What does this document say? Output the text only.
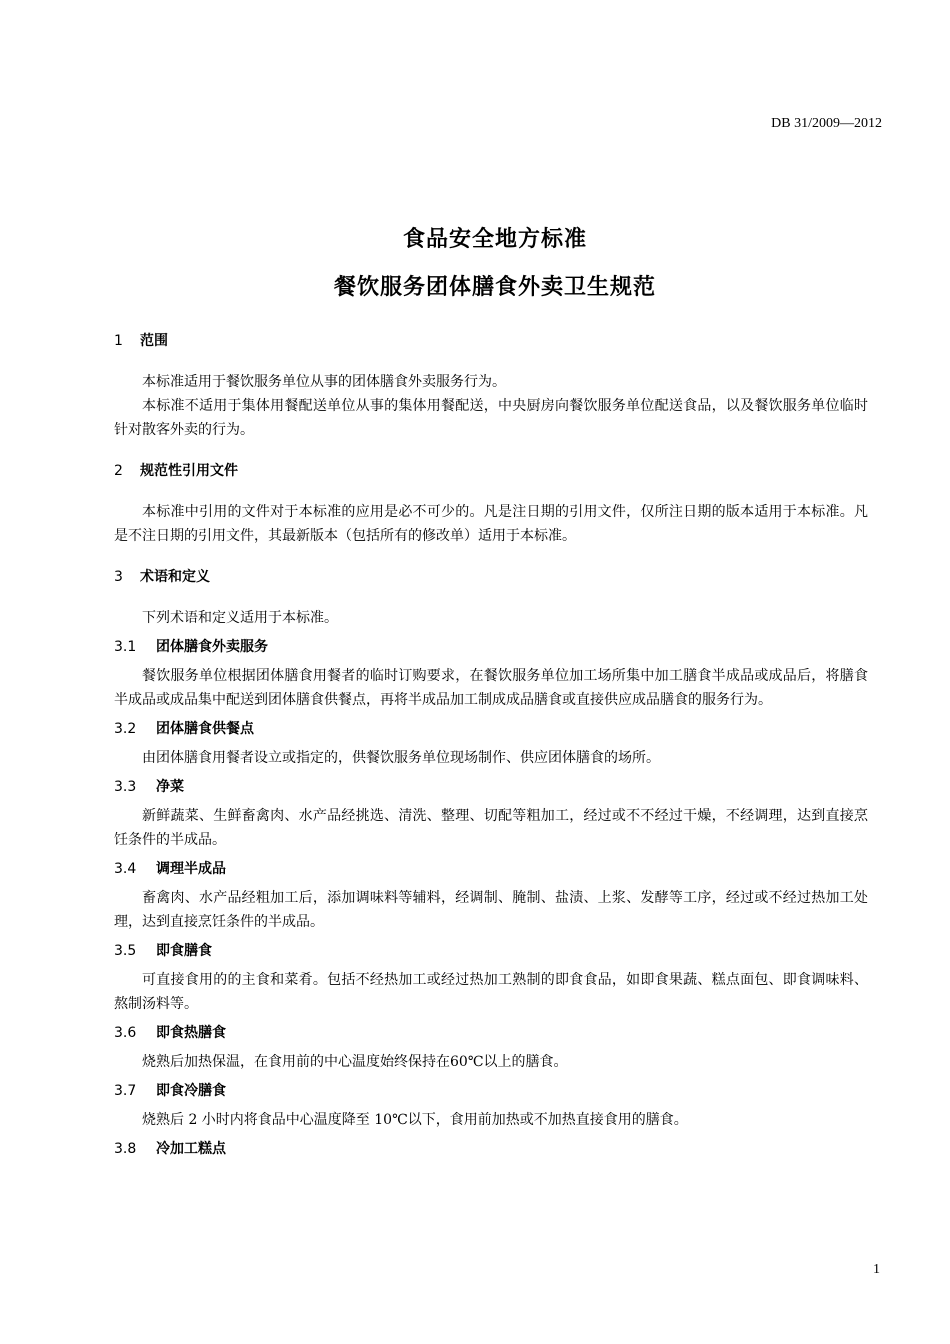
DB 31/2009—2012
食品安全地方标准
餐饮服务团体膳食外卖卫生规范
1 范围

本标准适用于餐饮服务单位从事的团体膳食外卖服务行为。

本标准不适用于集体用餐配送单位从事的集体用餐配送，中央厨房向餐饮服务单位配送食品，以及餐饮服务单位临时针对散客外卖的行为。

2 规范性引用文件

本标准中引用的文件对于本标准的应用是必不可少的。凡是注日期的引用文件，仅所注日期的版本适用于本标准。凡是不注日期的引用文件，其最新版本（包括所有的修改单）适用于本标准。

3 术语和定义

下列术语和定义适用于本标准。

3.1 团体膳食外卖服务

餐饮服务单位根据团体膳食用餐者的临时订购要求，在餐饮服务单位加工场所集中加工膳食半成品或成品后，将膳食半成品或成品集中配送到团体膳食供餐点，再将半成品加工制成成品膳食或直接供应成品膳食的服务行为。

3.2 团体膳食供餐点

由团体膳食用餐者设立或指定的，供餐饮服务单位现场制作、供应团体膳食的场所。

3.3 净菜

新鲜蔬菜、生鲜畜禽肉、水产品经挑选、清洗、整理、切配等粗加工，经过或不不经过干燥，不经调理，达到直接烹饪条件的半成品。

3.4 调理半成品

畜禽肉、水产品经粗加工后，添加调味料等辅料，经调制、腌制、盐渍、上浆、发酵等工序，经过或不经过热加工处理，达到直接烹饪条件的半成品。

3.5 即食膳食

可直接食用的的主食和菜肴。包括不经热加工或经过热加工熟制的即食食品，如即食果蔬、糕点面包、即食调味料、熬制汤料等。

3.6 即食热膳食

烧熟后加热保温，在食用前的中心温度始终保持在60℃以上的膳食。

3.7 即食冷膳食

烧熟后 2 小时内将食品中心温度降至 10℃以下，食用前加热或不加热直接食用的膳食。

3.8 冷加工糕点
1
